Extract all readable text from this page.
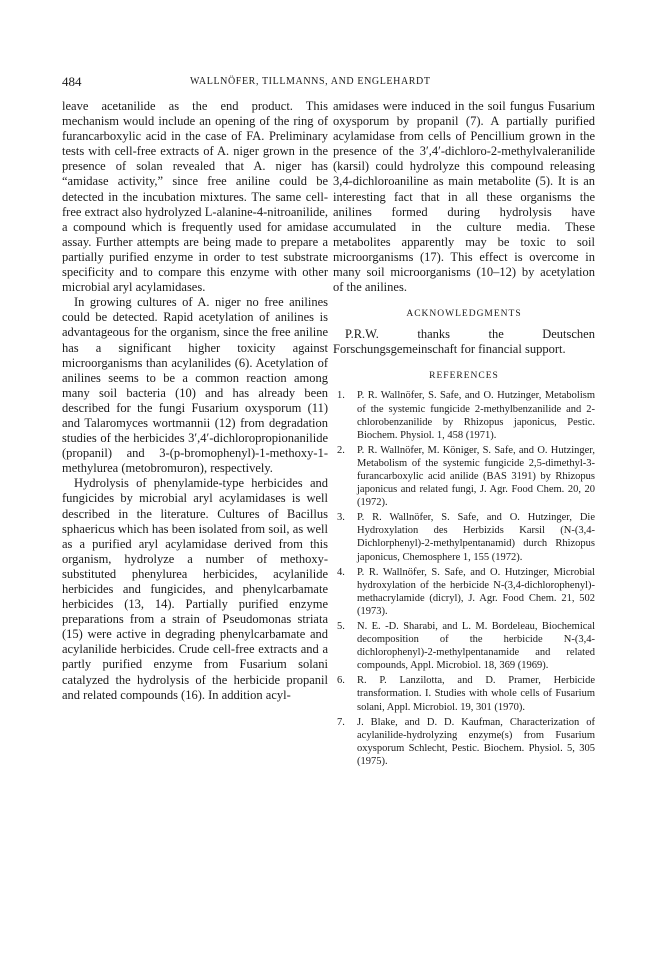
484	WALLNÖFER, TILLMANNS, AND ENGLEHARDT

leave acetanilide as the end product. This mechanism would include an opening of the ring of furancarboxylic acid in the case of FA. Preliminary tests with cell-free extracts of A. niger grown in the presence of solan revealed that A. niger has “amidase activity,” since free aniline could be detected in the incubation mixtures. The same cell-free extract also hydrolyzed L-alanine-4-nitroanilide, a compound which is frequently used for amidase assay. Further attempts are being made to prepare a partially purified enzyme in order to test substrate specificity and to compare this enzyme with other microbial aryl acylamidases.

In growing cultures of A. niger no free anilines could be detected. Rapid acetylation of anilines is advantageous for the organism, since the free aniline has a significant higher toxicity against microorganisms than acylanilides (6). Acetylation of anilines seems to be a common reaction among many soil bacteria (10) and has already been described for the fungi Fusarium oxysporum (11) and Talaromyces wortmannii (12) from degradation studies of the herbicides 3′,4′-dichloropropionanilide (propanil) and 3-(p-bromophenyl)-1-methoxy-1-methylurea (metobromuron), respectively.

Hydrolysis of phenylamide-type herbicides and fungicides by microbial aryl acylamidases is well described in the literature. Cultures of Bacillus sphaericus which has been isolated from soil, as well as a purified aryl acylamidase derived from this organism, hydrolyze a number of methoxy-substituted phenylurea herbicides, acylanilide herbicides and fungicides, and phenylcarbamate herbicides (13, 14). Partially purified enzyme preparations from a strain of Pseudomonas striata (15) were active in degrading phenylcarbamate and acylanilide herbicides. Crude cell-free extracts and a partly purified enzyme from Fusarium solani catalyzed the hydrolysis of the herbicide propanil and related compounds (16). In addition acyl-

amidases were induced in the soil fungus Fusarium oxysporum by propanil (7). A partially purified acylamidase from cells of Pencillium grown in the presence of the 3′,4′-dichloro-2-methylvaleranilide (karsil) could hydrolyze this compound releasing 3,4-dichloroaniline as main metabolite (5). It is an interesting fact that in all these organisms the anilines formed during hydrolysis have accumulated in the culture media. These metabolites apparently may be toxic to soil microorganisms (17). This effect is overcome in many soil microorganisms (10–12) by acetylation of the anilines.

ACKNOWLEDGMENTS

P.R.W. thanks the Deutschen Forschungsgemeinschaft for financial support.

REFERENCES
1. P. R. Wallnöfer, S. Safe, and O. Hutzinger, Metabolism of the systemic fungicide 2-methylbenzanilide and 2-chlorobenzanilide by Rhizopus japonicus, Pestic. Biochem. Physiol. 1, 458 (1971).
2. P. R. Wallnöfer, M. Königer, S. Safe, and O. Hutzinger, Metabolism of the systemic fungicide 2,5-dimethyl-3-furancarboxylic acid anilide (BAS 3191) by Rhizopus japonicus and related fungi, J. Agr. Food Chem. 20, 20 (1972).
3. P. R. Wallnöfer, S. Safe, and O. Hutzinger, Die Hydroxylation des Herbizids Karsil (N-(3,4-Dichlorphenyl)-2-methylpentanamid) durch Rhizopus japonicus, Chemosphere 1, 155 (1972).
4. P. R. Wallnöfer, S. Safe, and O. Hutzinger, Microbial hydroxylation of the herbicide N-(3,4-dichlorophenyl)-methacrylamide (dicryl), J. Agr. Food Chem. 21, 502 (1973).
5. N. E. -D. Sharabi, and L. M. Bordeleau, Biochemical decomposition of the herbicide N-(3,4-dichlorophenyl)-2-methylpentanamide and related compounds, Appl. Microbiol. 18, 369 (1969).
6. R. P. Lanzilotta, and D. Pramer, Herbicide transformation. I. Studies with whole cells of Fusarium solani, Appl. Microbiol. 19, 301 (1970).
7. J. Blake, and D. D. Kaufman, Characterization of acylanilide-hydrolyzing enzyme(s) from Fusarium oxysporum Schlecht, Pestic. Biochem. Physiol. 5, 305 (1975).
